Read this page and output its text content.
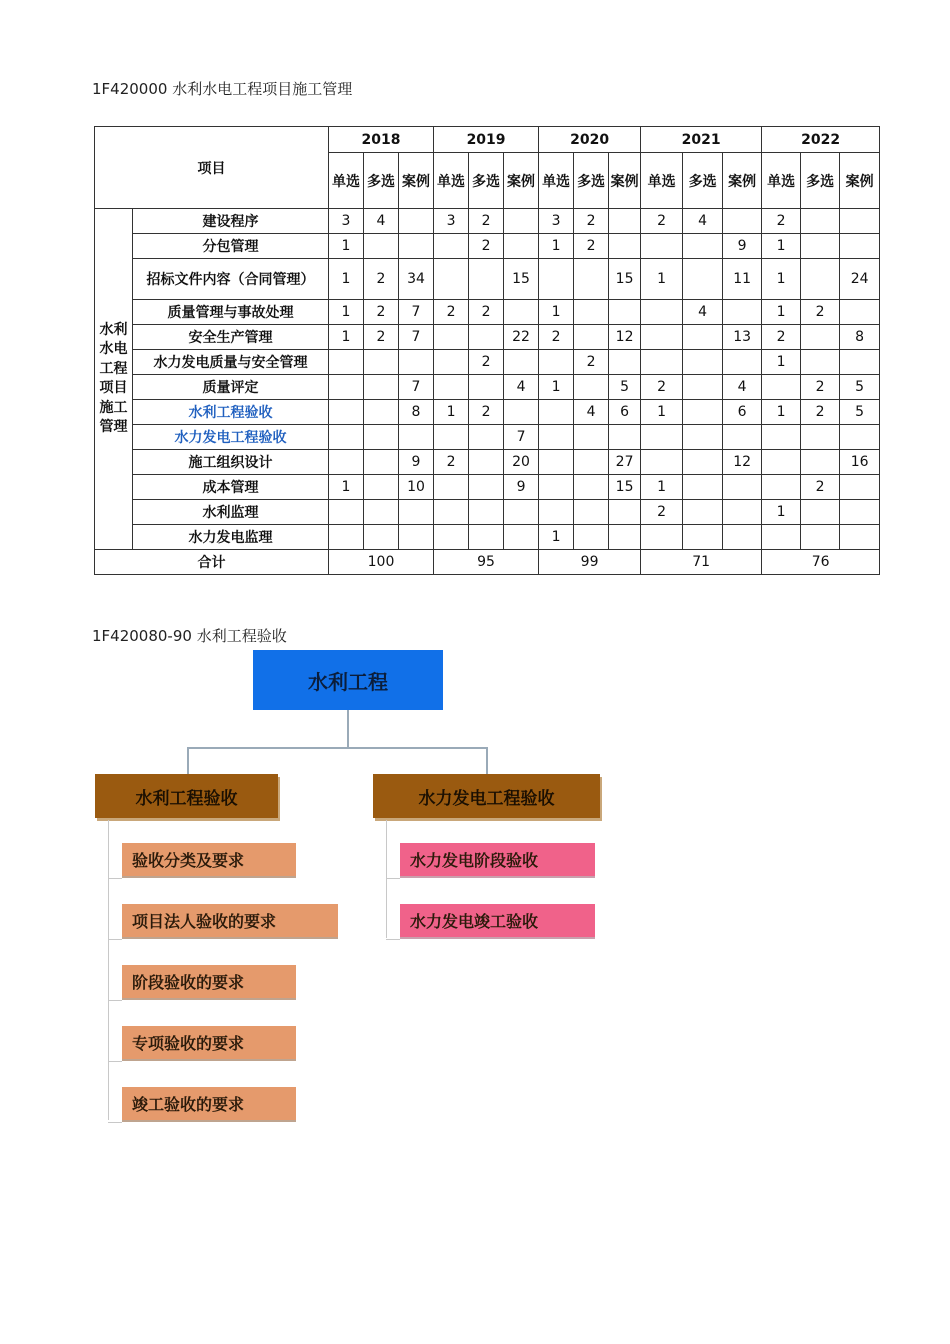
1F420000 水利水电工程项目施工管理
项目		2018			2019			2020			2021			2022		
		单选	多选	案例	单选	多选	案例	单选	多选	案例	单选	多选	案例	单选	多选	案例
水利水电工程项目施工管理	建设程序	3	4		3	2		3	2		2	4		2		
	分包管理	1				2		1	2				9	1		
	招标文件内容（合同管理）	1	2	34			15			15	1		11	1		24
	质量管理与事故处理	1	2	7	2	2		1				4		1	2	
	安全生产管理	1	2	7			22	2		12			13	2		8
	水力发电质量与安全管理					2			2					1		
	质量评定			7			4	1		5	2		4		2	5
	水利工程验收			8	1	2			4	6	1		6	1	2	5
	水力发电工程验收						7									
	施工组织设计			9	2		20			27			12			16
	成本管理	1		10			9			15	1				2	
	水利监理										2			1		
	水力发电监理							1								
合计		100			95			99			71			76		
1F420080-90 水利工程验收
水利工程
水利工程验收	水力发电工程验收
验收分类及要求
项目法人验收的要求
阶段验收的要求
专项验收的要求
竣工验收的要求
水力发电阶段验收
水力发电竣工验收
